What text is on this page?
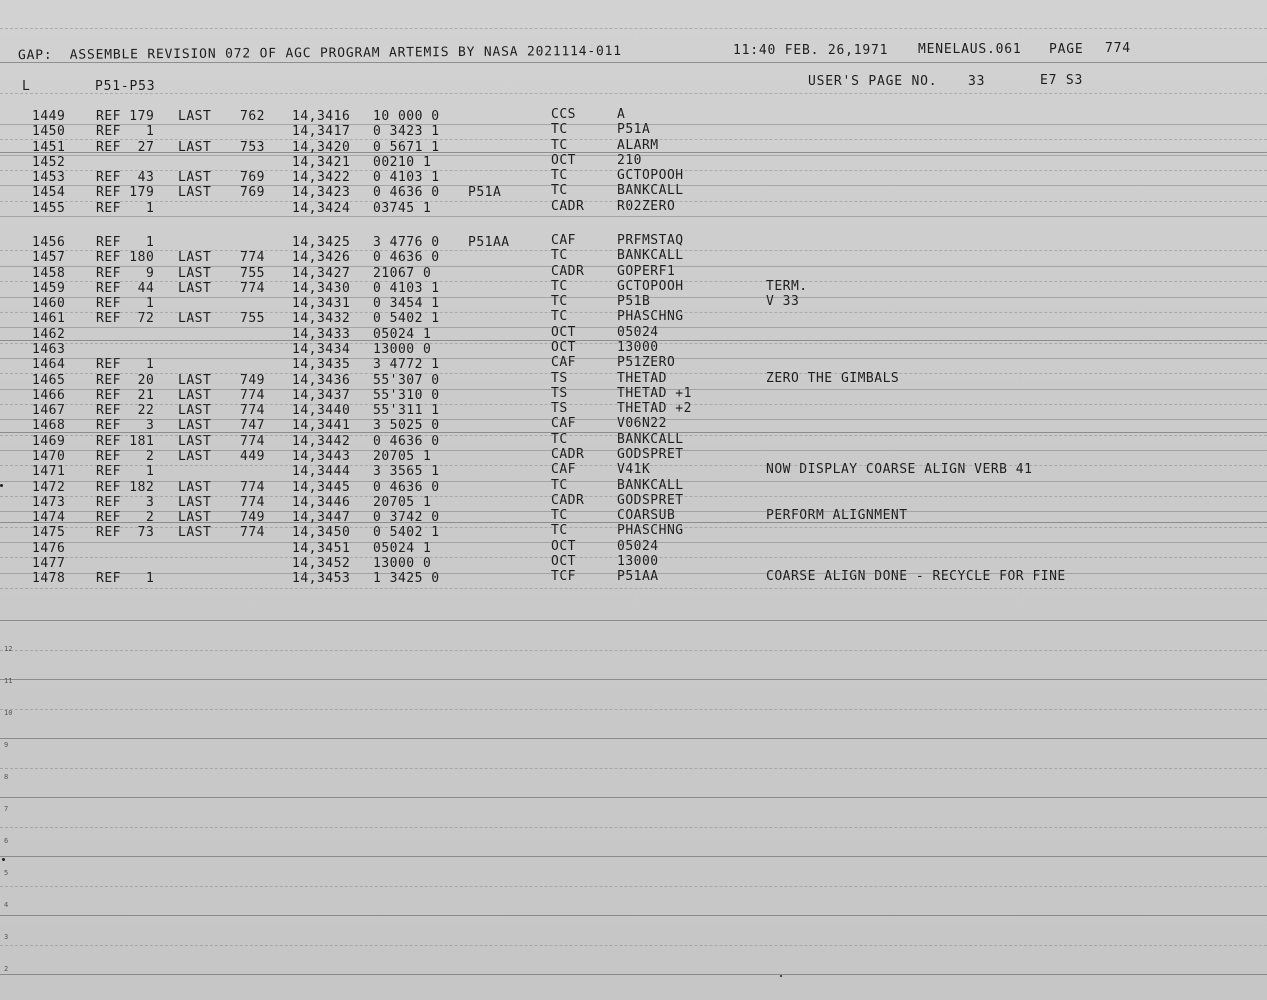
GAP:  ASSEMBLE REVISION 072 OF AGC PROGRAM ARTEMIS BY NASA 2021114-011	11:40 FEB. 26,1971 MENELAUS.061 PAGE 774
L	P51-P53	USER'S PAGE NO. 33	E7 S3
1449 REF 179 LAST 762 14,3416 10 000 0	CCS	A
1450 REF   1	14,3417 0 3423 1	TC	P51A
1451 REF  27 LAST 753 14,3420 0 5671 1	TC	ALARM
1452	14,3421 00210 1	OCT	210
1453 REF  43 LAST 769 14,3422 0 4103 1	TC	GCTOPOOH
1454 REF 179 LAST 769 14,3423 0 4636 0 P51A	TC	BANKCALL
1455 REF   1	14,3424 03745 1	CADR	R02ZERO
1456 REF   1	14,3425 3 4776 0 P51AA	CAF	PRFMSTAQ
1457 REF 180 LAST 774 14,3426 0 4636 0	TC	BANKCALL
1458 REF   9 LAST 755 14,3427 21067 0	CADR	GOPERF1
1459 REF  44 LAST 774 14,3430 0 4103 1	TC	GCTOPOOH	TERM.
1460 REF   1	14,3431 0 3454 1	TC	P51B	V 33
1461 REF  72 LAST 755 14,3432 0 5402 1	TC	PHASCHNG
1462	14,3433 05024 1	OCT	05024
1463	14,3434 13000 0	OCT	13000
1464 REF   1	14,3435 3 4772 1	CAF	P51ZERO
1465 REF  20 LAST 749 14,3436 55'307 0	TS	THETAD	ZERO THE GIMBALS
1466 REF  21 LAST 774 14,3437 55'310 0	TS	THETAD +1
1467 REF  22 LAST 774 14,3440 55'311 1	TS	THETAD +2
1468 REF   3 LAST 747 14,3441 3 5025 0	CAF	V06N22
1469 REF 181 LAST 774 14,3442 0 4636 0	TC	BANKCALL
1470 REF   2 LAST 449 14,3443 20705 1	CADR	GODSPRET
1471 REF   1	14,3444 3 3565 1	CAF	V41K	NOW DISPLAY COARSE ALIGN VERB 41
1472 REF 182 LAST 774 14,3445 0 4636 0	TC	BANKCALL
1473 REF   3 LAST 774 14,3446 20705 1	CADR	GODSPRET
1474 REF   2 LAST 749 14,3447 0 3742 0	TC	COARSUB	PERFORM ALIGNMENT
1475 REF  73 LAST 774 14,3450 0 5402 1	TC	PHASCHNG
1476	14,3451 05024 1	OCT	05024
1477	14,3452 13000 0	OCT	13000
1478 REF   1	14,3453 1 3425 0	TCF	P51AA	COARSE ALIGN DONE - RECYCLE FOR FINE
12
11
10
9
8
7
6
5
4
3
2
